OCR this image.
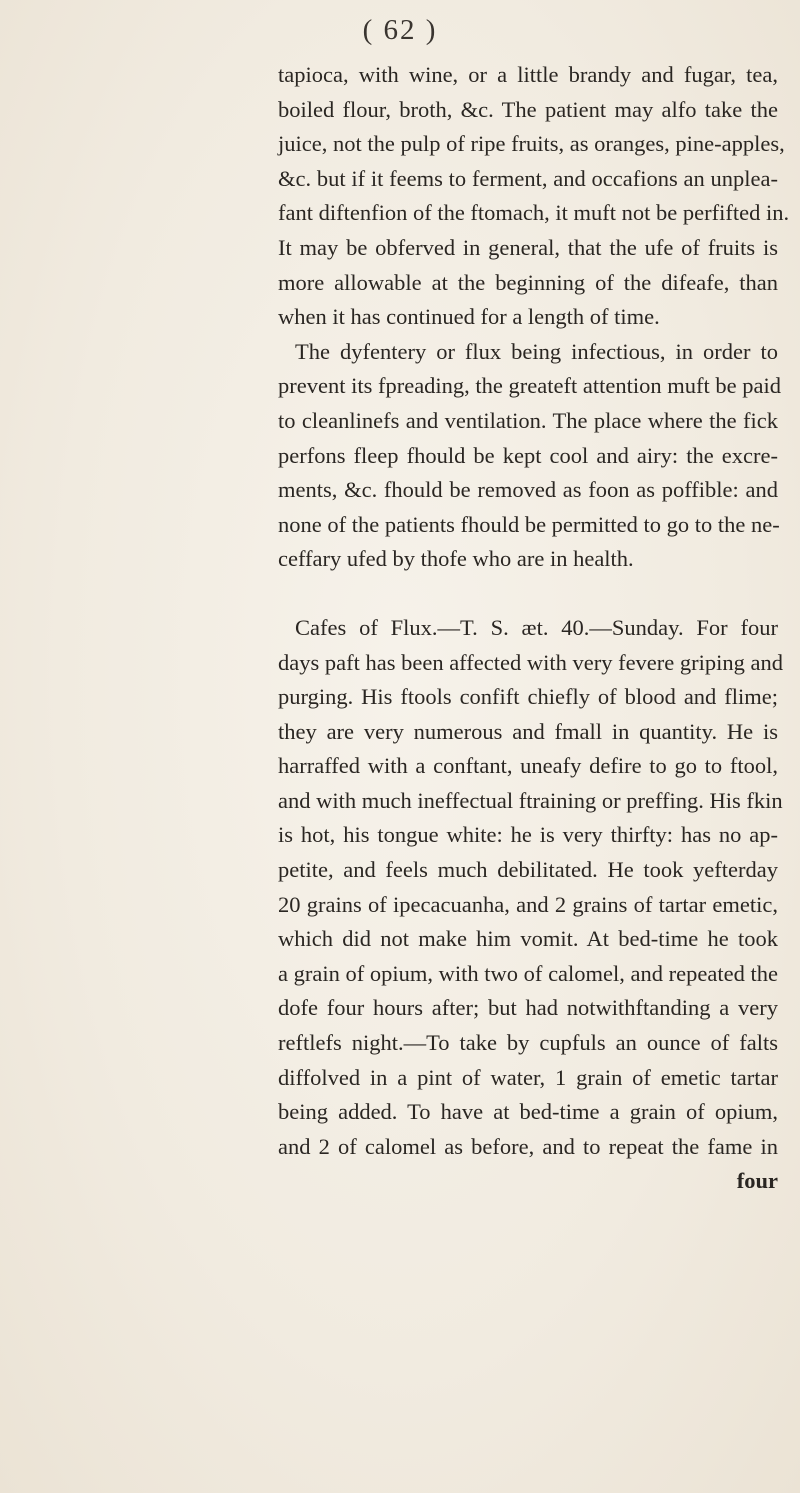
( 62 )

tapioca, with wine, or a little brandy and fugar, tea,
boiled flour, broth, &c. The patient may alfo take the
juice, not the pulp of ripe fruits, as oranges, pine-apples,
&c. but if it feems to ferment, and occafions an unplea-
fant diftenfion of the ftomach, it muft not be perfifted in.
It may be obferved in general, that the ufe of fruits is
more allowable at the beginning of the difeafe, than
when it has continued for a length of time.

The dyfentery or flux being infectious, in order to
prevent its fpreading, the greateft attention muft be paid
to cleanlinefs and ventilation. The place where the fick
perfons fleep fhould be kept cool and airy: the excre-
ments, &c. fhould be removed as foon as poffible: and
none of the patients fhould be permitted to go to the ne-
ceffary ufed by thofe who are in health.

Cafes of Flux.—T. S. æt. 40.—Sunday. For four
days paft has been affected with very fevere griping and
purging. His ftools confift chiefly of blood and flime;
they are very numerous and fmall in quantity. He is
harraffed with a conftant, uneafy defire to go to ftool,
and with much ineffectual ftraining or preffing. His fkin
is hot, his tongue white: he is very thirfty: has no ap-
petite, and feels much debilitated. He took yefterday
20 grains of ipecacuanha, and 2 grains of tartar emetic,
which did not make him vomit. At bed-time he took
a grain of opium, with two of calomel, and repeated the
dofe four hours after; but had notwithftanding a very
reftlefs night.—To take by cupfuls an ounce of falts
diffolved in a pint of water, 1 grain of emetic tartar
being added. To have at bed-time a grain of opium,
and 2 of calomel as before, and to repeat the fame in

four
